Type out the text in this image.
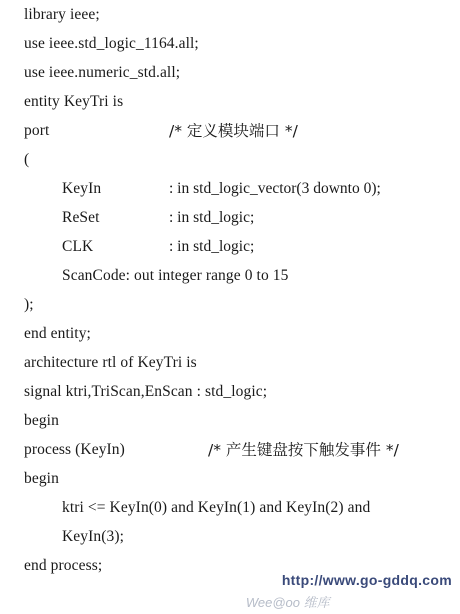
library ieee;
use ieee.std_logic_1164.all;
use ieee.numeric_std.all;
entity KeyTri is
port	/* 定义模块端口 */
(
KeyIn	: in std_logic_vector(3 downto 0);
ReSet	: in std_logic;
CLK	: in std_logic;
ScanCode: out integer range 0 to 15
);
end entity;
architecture rtl of KeyTri is
signal ktri,TriScan,EnScan : std_logic;
begin
process (KeyIn)	/* 产生键盘按下触发事件 */
begin
ktri <= KeyIn(0) and KeyIn(1) and KeyIn(2) and
KeyIn(3);
end process;

http://www.go-gddq.com
Wee@oo 维库
